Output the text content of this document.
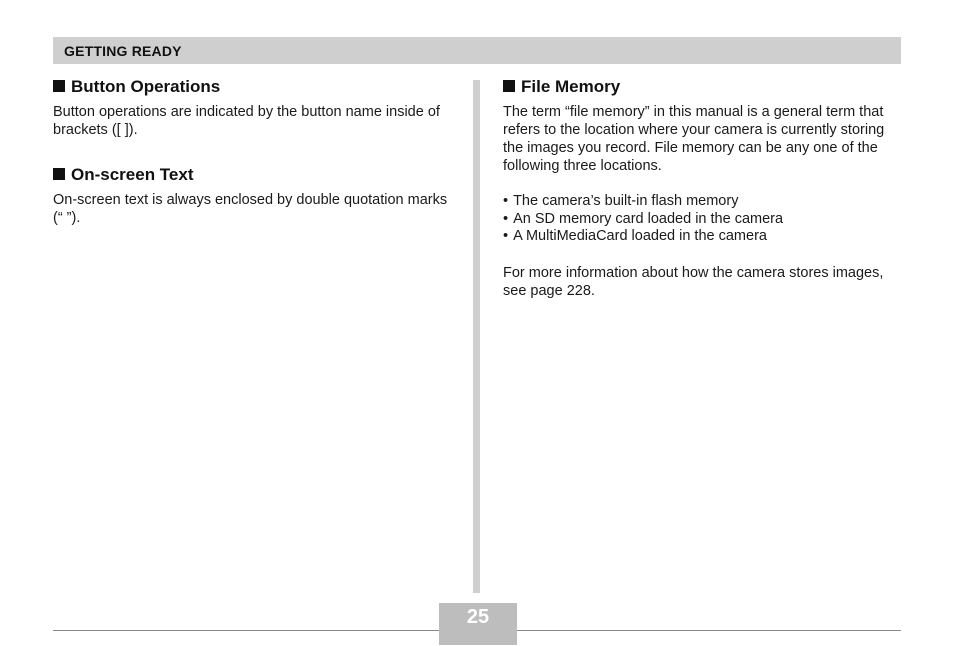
GETTING READY
Button Operations

Button operations are indicated by the button name inside of brackets ([ ]).

On-screen Text

On-screen text is always enclosed by double quotation marks (“ ”).

File Memory

The term “file memory” in this manual is a general term that refers to the location where your camera is currently storing the images you record. File memory can be any one of the following three locations.

• The camera’s built-in flash memory
• An SD memory card loaded in the camera
• A MultiMediaCard loaded in the camera

For more information about how the camera stores images, see page 228.

25
